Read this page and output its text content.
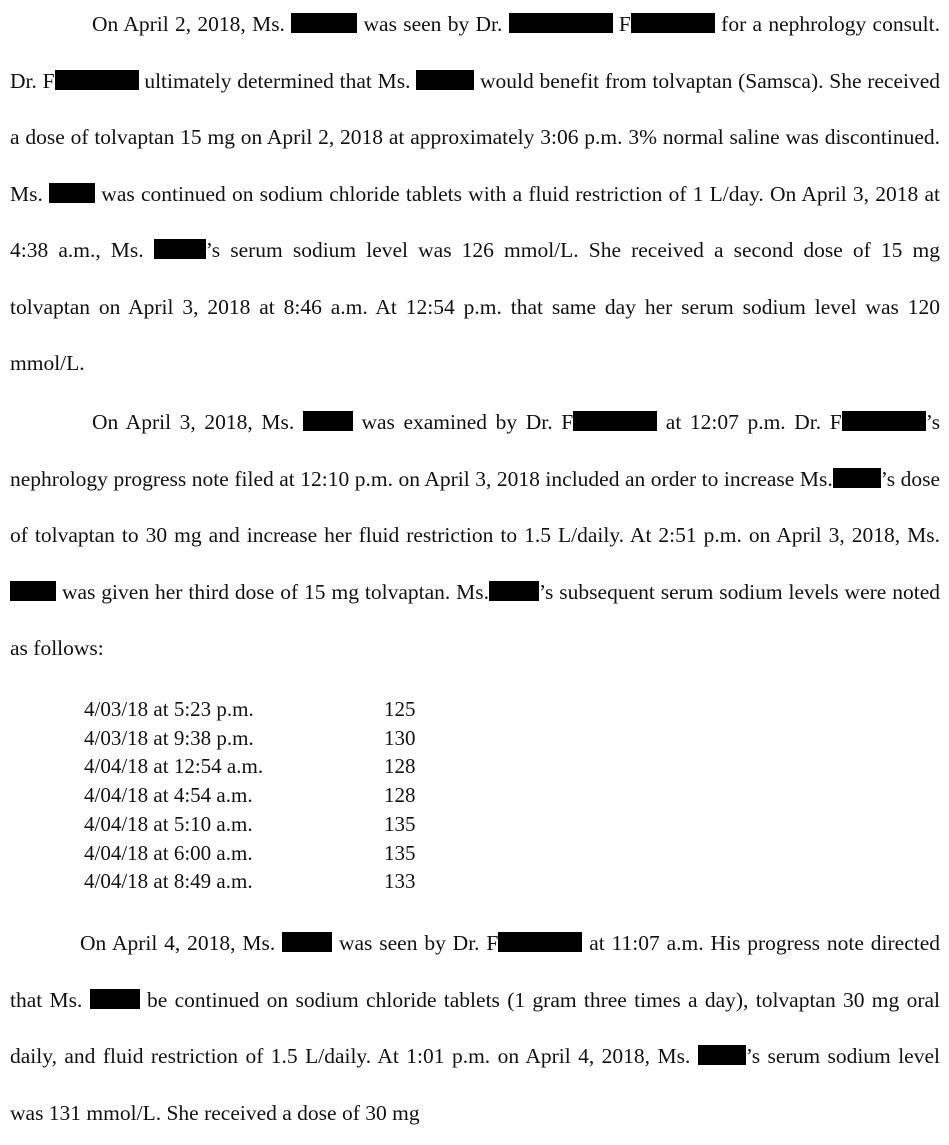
On April 2, 2018, Ms.	was seen by Dr.	F	for a nephrology consult. Dr. F	ultimately determined that Ms.	would benefit from tolvaptan (Samsca). She received a dose of tolvaptan 15 mg on April 2, 2018 at approximately 3:06 p.m. 3% normal saline was discontinued. Ms.	was continued on sodium chloride tablets with a fluid restriction of 1 L/day. On April 3, 2018 at 4:38 a.m., Ms.	’s serum sodium level was 126 mmol/L. She received a second dose of 15 mg tolvaptan on April 3, 2018 at 8:46 a.m. At 12:54 p.m. that same day her serum sodium level was 120 mmol/L.

On April 3, 2018, Ms.	was examined by Dr. F	at 12:07 p.m. Dr. F	’s nephrology progress note filed at 12:10 p.m. on April 3, 2018 included an order to increase Ms. ’s dose of tolvaptan to 30 mg and increase her fluid restriction to 1.5 L/daily. At 2:51 p.m. on April 3, 2018, Ms.  was given her third dose of 15 mg tolvaptan. Ms. ’s subsequent serum sodium levels were noted as follows:

4/03/18 at 5:23 p.m.	125
4/03/18 at 9:38 p.m.	130
4/04/18 at 12:54 a.m.	128
4/04/18 at 4:54 a.m.	128
4/04/18 at 5:10 a.m.	135
4/04/18 at 6:00 a.m.	135
4/04/18 at 8:49 a.m.	133

On April 4, 2018, Ms.	was seen by Dr. F	at 11:07 a.m. His progress note directed that Ms.	be continued on sodium chloride tablets (1 gram three times a day), tolvaptan 30 mg oral daily, and fluid restriction of 1.5 L/daily. At 1:01 p.m. on April 4, 2018, Ms.	’s serum sodium level was 131 mmol/L. She received a dose of 30 mg
